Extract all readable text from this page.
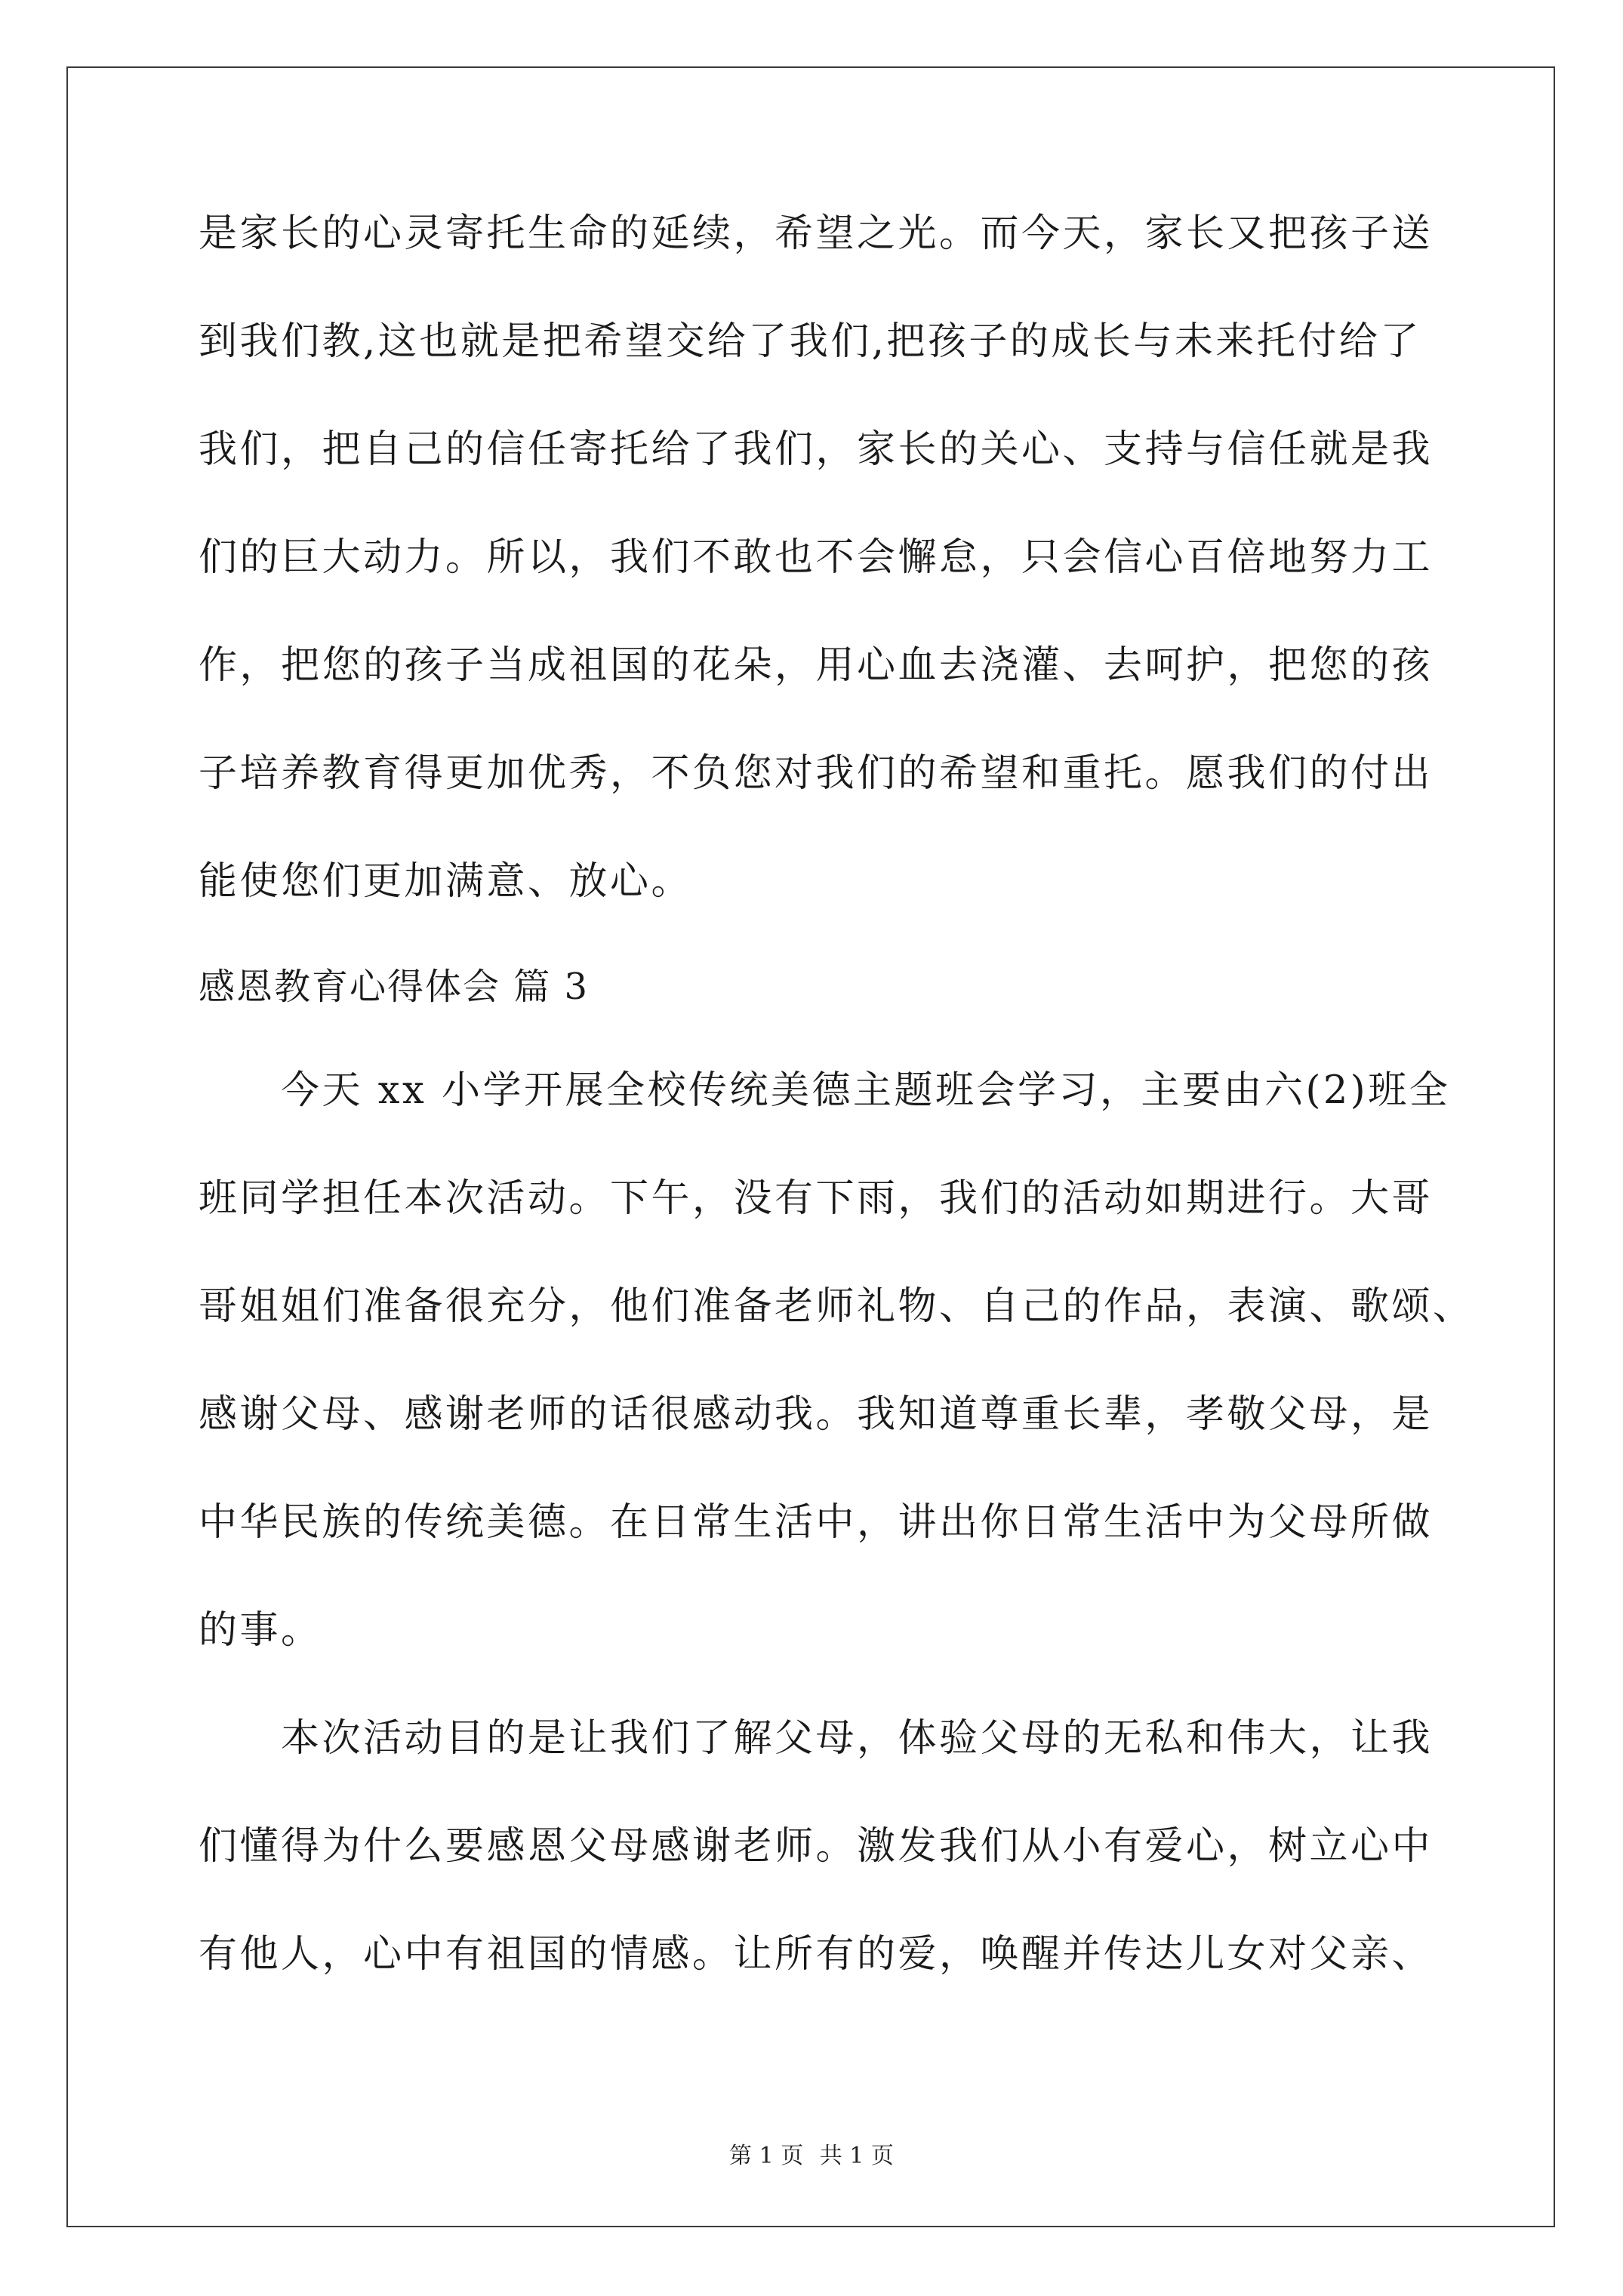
是家长的心灵寄托生命的延续，希望之光。而今天，家长又把孩子送
到我们教,这也就是把希望交给了我们,把孩子的成长与未来托付给了
我们，把自己的信任寄托给了我们，家长的关心、支持与信任就是我
们的巨大动力。所以，我们不敢也不会懈怠，只会信心百倍地努力工
作，把您的孩子当成祖国的花朵，用心血去浇灌、去呵护，把您的孩
子培养教育得更加优秀，不负您对我们的希望和重托。愿我们的付出
能使您们更加满意、放心。
感恩教育心得体会 篇 3
　　今天 xx 小学开展全校传统美德主题班会学习，主要由六(2)班全
班同学担任本次活动。下午，没有下雨，我们的活动如期进行。大哥
哥姐姐们准备很充分，他们准备老师礼物、自己的作品，表演、歌颂、
感谢父母、感谢老师的话很感动我。我知道尊重长辈，孝敬父母，是
中华民族的传统美德。在日常生活中，讲出你日常生活中为父母所做
的事。
　　本次活动目的是让我们了解父母，体验父母的无私和伟大，让我
们懂得为什么要感恩父母感谢老师。激发我们从小有爱心，树立心中
有他人，心中有祖国的情感。让所有的爱，唤醒并传达儿女对父亲、
第 1 页 共 1 页
